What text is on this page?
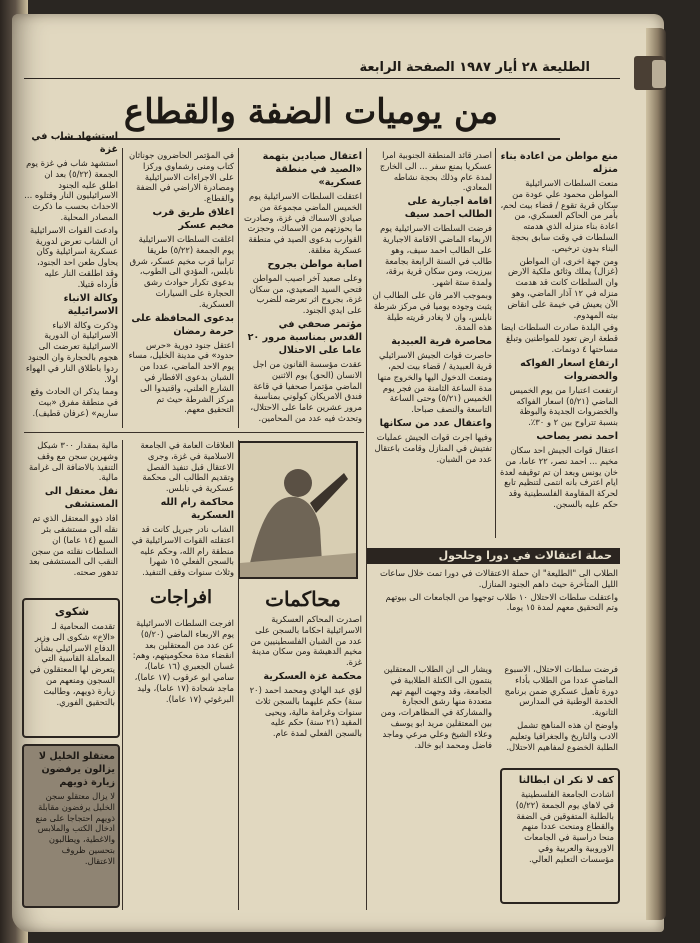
الطليعة ۲۸ أيار ۱۹۸۷ الصفحة الرابعة
من يوميات الضفة والقطاع

منع مواطن من اعادة بناء منزله

منعت السلطات الاسرائيلية المواطن محمود علي عودة من سكان قرية تقوع / قضاء بيت لحم، بأمر من الحاكم العسكري، من اعادة بناء منزله الذي هدمته السلطات في وقت سابق بحجة البناء بدون ترخيص.

ومن جهة اخرى، ان المواطن (غزال) يملك وثائق ملكية الارض وان السلطات كانت قد هدمت منزله في ۱۲ آذار الماضي، وهو الآن يعيش في خيمة على انقاض بيته المهدوم.

وفي البلدة صادرت السلطات ايضا قطعة ارض تعود للمواطنين وتبلغ مساحتها ٤ دونمات.

ارتفاع اسعار الفواكه والخضروات

ارتفعت اعتبارا من يوم الخميس الماضي (٥/۲۱) اسعار الفواكه والخضروات الجديدة والبوظة بنسبة تتراوح بين ٢ و ٣٠٪.

احمد نصر يصاحب

اعتقال قوات الجيش احد سكان مخيم ... احمد نصر، ۲۲ عاما، من خان يونس وبعد ان تم توقيفه لعدة ايام اعترف بانه انتمى لتنظيم تابع لحركة المقاومة الفلسطينية وقد حكم عليه بالسجن.

اصدر قائد المنطقة الجنوبية امرا عسكريا بمنع سفر ... الى الخارج لمدة عام وذلك بحجة نشاطه المعادي.

اقامة اجبارية على الطالب احمد سيف

فرضت السلطات الاسرائيلية يوم الاربعاء الماضي الاقامة الاجبارية على الطالب احمد سيف، وهو طالب في السنة الرابعة بجامعة بيرزيت، ومن سكان قرية برقة، ولمدة ستة اشهر.

وبموجب الامر فان على الطالب ان يثبت وجوده يوميا في مركز شرطة نابلس، وان لا يغادر قريته طيلة هذه المدة.

محاصرة قرية العبيدية

حاصرت قوات الجيش الاسرائيلي قرية العبيدية / قضاء بيت لحم، ومنعت الدخول اليها والخروج منها مدة الساعة الثامنة من فجر يوم الخميس (٥/۲۱) وحتى الساعة التاسعة والنصف صباحا.

واعتقال عدد من سكانها

وفيها اجرت قوات الجيش عمليات تفتيش في المنازل وقامت باعتقال عدد من الشبان.

اعتقال صيادين بتهمة «الصيد في منطقة عسكرية»

اعتقلت السلطات الاسرائيلية يوم الخميس الماضي مجموعة من صيادي الاسماك في غزة، وصادرت ما بحوزتهم من الاسماك، وحجزت القوارب بدعوى الصيد في منطقة عسكرية مغلقة.

اصابة مواطن بجروح

وعلى صعيد آخر اصيب المواطن فتحي السيد الصعيدي، من سكان غزة، بجروح اثر تعرضه للضرب على ايدي الجنود.

مؤتمر صحفي في القدس بمناسبة مرور ۲۰ عاما على الاحتلال

عقدت مؤسسة القانون من اجل الانسان (الحق) يوم الاثنين الماضي مؤتمرا صحفيا في قاعة فندق الامريكان كولوني بمناسبة مرور عشرين عاما على الاحتلال، وتحدث فيه عدد من المحامين.

في المؤتمر الحاضرون جوناثان كتاب ومنى رشماوي وركزا على الاجراءات الاسرائيلية ومصادرة الاراضي في الضفة والقطاع.

اغلاق طريق قرب مخيم عسكر

اغلقت السلطات الاسرائيلية يوم الجمعة (٥/۲۲) طريقا ترابيا قرب مخيم عسكر، شرق نابلس، المؤدي الى الطوب، بدعوى تكرار حوادث رشق الحجارة على السيارات العسكرية.

بدعوى المحافظة على حرمة رمضان

اعتقل جنود دورية «حرس حدود» في مدينة الخليل، مساء يوم الاحد الماضي، عددا من الشبان بدعوى الافطار في الشارع العلني، واقتيدوا الى مركز الشرطة حيث تم التحقيق معهم.

استشهاد شاب في غزة

استشهد شاب في غزة يوم الجمعة (٥/۲۲) بعد ان اطلق عليه الجنود الاسرائيليون النار وقتلوه ... الاحداث بحسب ما ذكرت المصادر المحلية.

وادعت القوات الاسرائيلية ان الشاب تعرض لدورية عسكرية اسرائيلية وكان يحاول طعن احد الجنود، وقد اطلقت النار عليه فأرداه قتيلا.

وكالة الانباء الاسرائيلية

وذكرت وكالة الانباء الاسرائيلية ان الدورية الاسرائيلية تعرضت الى هجوم بالحجارة وان الجنود ردوا باطلاق النار في الهواء اولا.

ومما يذكر ان الحادث وقع في منطقة مفرق «بيت ساريم» (عرفان قطيف).

حملة اعتقالات في دورا وحلحول

الطلاب الى "الطليعة" ان حملة الاعتقالات في دورا تمت خلال ساعات الليل المتأخرة حيث داهم الجنود المنازل.

واعتقلت سلطات الاحتلال ١٠ طلاب توجهوا من الجامعات الى بيوتهم وتم التحقيق معهم لمدة ١٥ يوما.

فرضت سلطات الاحتلال، الاسبوع الماضي عددا من الطلاب بأداء دورة تأهيل عسكري ضمن برنامج الخدمة الوطنية في المدارس الثانوية.

واوضح ان هذه المناهج تشمل الادب والتاريخ والجغرافيا وتعليم الطلبة الخضوع لمفاهيم الاحتلال.

ويشار الى ان الطلاب المعتقلين ينتمون الى الكتلة الطلابية في الجامعة، وقد وجهت اليهم تهم متعددة منها رشق الحجارة والمشاركة في المظاهرات، ومن بين المعتقلين مريد ابو يوسف وعلاء الشيخ وعلي مرعي وماجد فاضل ومحمد ابو خالد.

كف لا نكر ان ابطالنا

اشادت الجامعة الفلسطينية في لاهاي يوم الجمعة (٥/۲۲) بالطلبة المتفوقين في الضفة والقطاع ومنحت عددا منهم منحا دراسية في الجامعات الاوروبية والعربية وفي مؤسسات التعليم العالي.

محاكمات

اصدرت المحاكم العسكرية الاسرائيلية احكاما بالسجن على عدد من الشبان الفلسطينيين من مخيم الدهيشة ومن سكان مدينة غزة.

محكمة غزة العسكرية

لؤي عبد الهادي ومحمد احمد (۲۰ سنة) حكم عليهما بالسجن ثلاث سنوات وغرامة مالية، ويحيى المقيد (۲۱ سنة) حكم عليه بالسجن الفعلي لمدة عام.

العلاقات العامة في الجامعة الاسلامية في غزة، وجرى الاعتقال قبل تنفيذ الفصل وتقديم الطالب الى محكمة عسكرية في نابلس.

محاكمة رام الله العسكرية

الشاب نادر جبريل كانت قد اعتقلته القوات الاسرائيلية في منطقة رام الله، وحكم عليه بالسجن الفعلي ١٥ شهرا وثلاث سنوات وقف التنفيذ.

افراجات

افرجت السلطات الاسرائيلية يوم الاربعاء الماضي (٥/۲۰) عن عدد من المعتقلين بعد انقضاء مدة محكوميتهم، وهم: غسان الجعبري (١٦ عاما)، سامي ابو عرقوب (١٧ عاما)، ماجد شحادة (١٧ عاما)، وليد البرغوثي (١٧ عاما).

مالية بمقدار ٣٠٠ شيكل وشهرين سجن مع وقف التنفيذ بالاضافة الى غرامة مالية.

نقل معتقل الى المستشفى

افاد ذوو المعتقل الذي تم نقله الى مستشفى بئر السبع (۱٤ عاما) ان السلطات نقلته من سجن النقب الى المستشفى بعد تدهور صحته.

شكوى

تقدمت المحامية لـ «الاخ» شكوى الى وزير الدفاع الاسرائيلي بشأن المعاملة القاسية التي يتعرض لها المعتقلون في السجون ومنعهم من زيارة ذويهم، وطالبت بالتحقيق الفوري.

معتقلو الخليل لا يزالون يرفضون زيارة ذويهم

لا يزال معتقلو سجن الخليل يرفضون مقابلة ذويهم احتجاجا على منع ادخال الكتب والملابس والاغطية، ويطالبون بتحسين ظروف الاعتقال.
